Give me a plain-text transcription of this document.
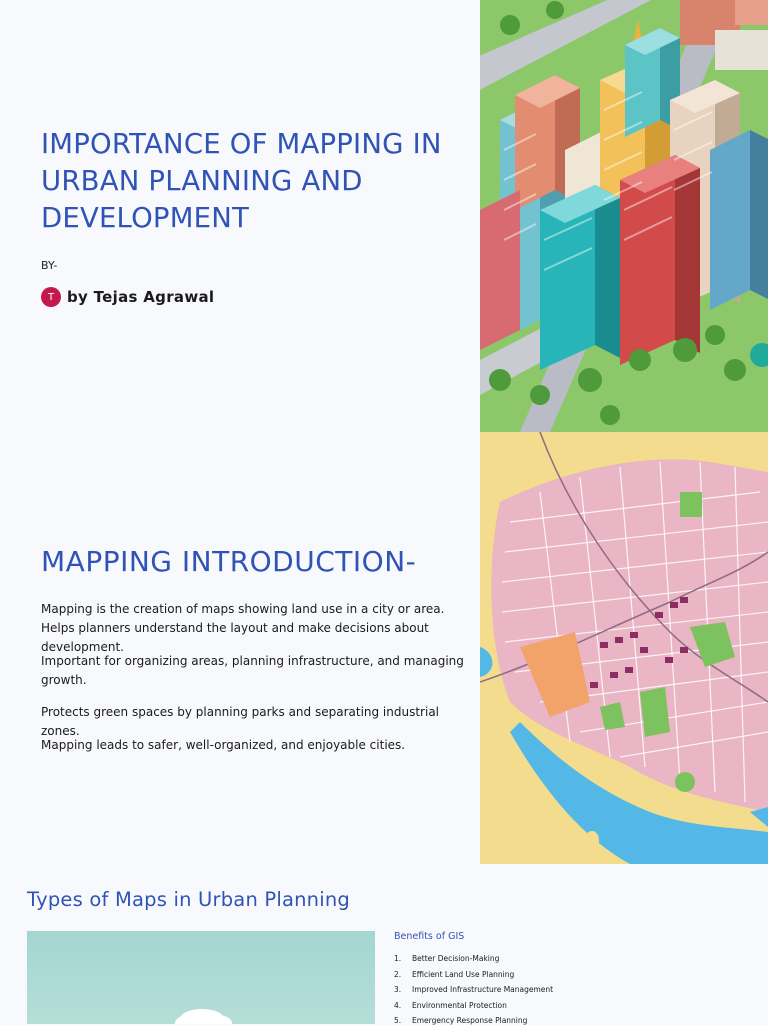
IMPORTANCE OF MAPPING IN URBAN PLANNING AND DEVELOPMENT
BY-
T by Tejas Agrawal
MAPPING INTRODUCTION-
Mapping is the creation of maps showing land use in a city or area. Helps planners understand the layout and make decisions about development.
Important for organizing areas, planning infrastructure, and managing growth.
Protects green spaces by planning parks and separating industrial zones.
Mapping leads to safer, well-organized, and enjoyable cities.
Types of Maps in Urban Planning
Benefits of GIS
1.	Better Decision-Making
2.	Efficient Land Use Planning
3.	Improved Infrastructure Management
4.	Environmental Protection
5.	Emergency Response Planning
